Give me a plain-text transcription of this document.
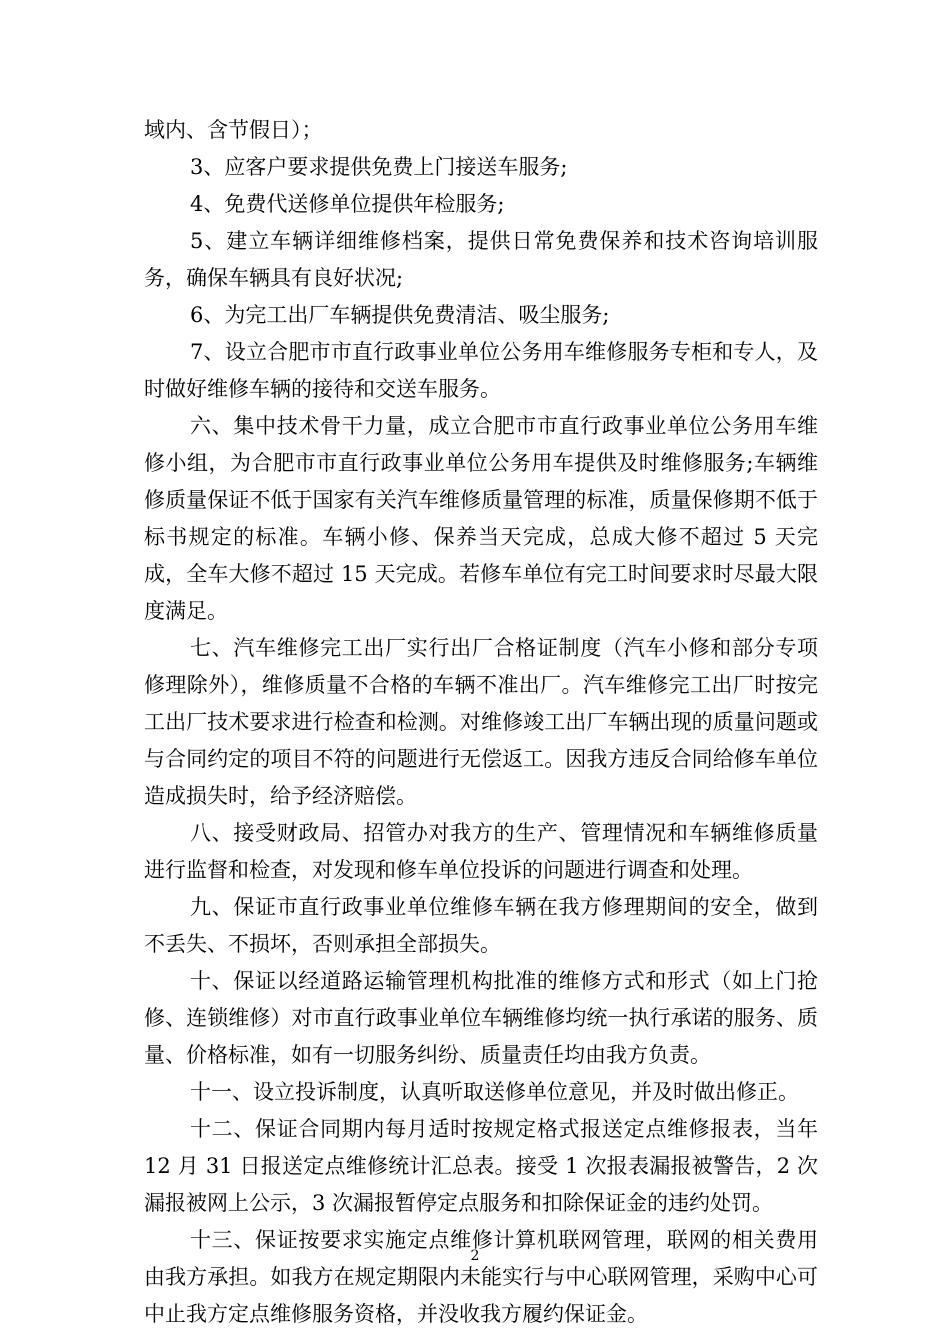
域内、含节假日）；

3、应客户要求提供免费上门接送车服务;

4、免费代送修单位提供年检服务;

5、建立车辆详细维修档案，提供日常免费保养和技术咨询培训服务，确保车辆具有良好状况;

6、为完工出厂车辆提供免费清洁、吸尘服务;

7、设立合肥市市直行政事业单位公务用车维修服务专柜和专人，及时做好维修车辆的接待和交送车服务。

六、集中技术骨干力量，成立合肥市市直行政事业单位公务用车维修小组，为合肥市市直行政事业单位公务用车提供及时维修服务;车辆维修质量保证不低于国家有关汽车维修质量管理的标准，质量保修期不低于标书规定的标准。车辆小修、保养当天完成，总成大修不超过 5 天完成，全车大修不超过 15 天完成。若修车单位有完工时间要求时尽最大限度满足。

七、汽车维修完工出厂实行出厂合格证制度（汽车小修和部分专项修理除外），维修质量不合格的车辆不准出厂。汽车维修完工出厂时按完工出厂技术要求进行检查和检测。对维修竣工出厂车辆出现的质量问题或与合同约定的项目不符的问题进行无偿返工。因我方违反合同给修车单位造成损失时，给予经济赔偿。

八、接受财政局、招管办对我方的生产、管理情况和车辆维修质量进行监督和检查，对发现和修车单位投诉的问题进行调查和处理。

九、保证市直行政事业单位维修车辆在我方修理期间的安全，做到不丢失、不损坏，否则承担全部损失。

十、保证以经道路运输管理机构批准的维修方式和形式（如上门抢修、连锁维修）对市直行政事业单位车辆维修均统一执行承诺的服务、质量、价格标准，如有一切服务纠纷、质量责任均由我方负责。

十一、设立投诉制度，认真听取送修单位意见，并及时做出修正。

十二、保证合同期内每月适时按规定格式报送定点维修报表，当年 12 月 31 日报送定点维修统计汇总表。接受 1 次报表漏报被警告，2 次漏报被网上公示，3 次漏报暂停定点服务和扣除保证金的违约处罚。

十三、保证按要求实施定点维修计算机联网管理，联网的相关费用由我方承担。如我方在规定期限内未能实行与中心联网管理，采购中心可中止我方定点维修服务资格，并没收我方履约保证金。

2
